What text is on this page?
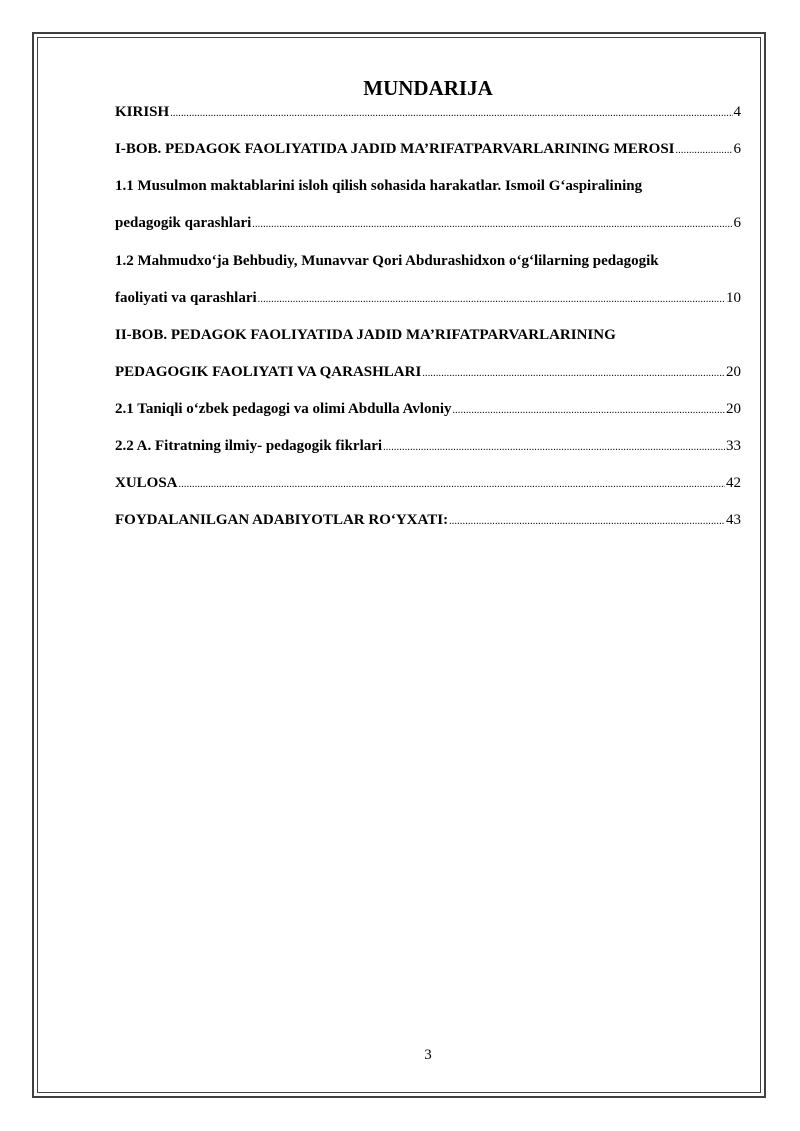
MUNDARIJA
KIRISH .....	4
I-BOB. PEDAGOK FAOLIYATIDA JADID MA’RIFATPARVARLARINING MEROSI .....	6
1.1 Musulmon maktablarini isloh qilish sohasida harakatlar. Ismoil G‘aspiralining
pedagogik qarashlari .....	6
1.2 Mahmudxo‘ja Behbudiy, Munavvar Qori Abdurashidxon o‘g‘lilarning pedagogik
faoliyati va qarashlari .....	10
II-BOB. PEDAGOK FAOLIYATIDA JADID MA’RIFATPARVARLARINING
PEDAGOGIK FAOLIYATI VA QARASHLARI .....	20
2.1 Taniqli o‘zbek pedagogi va olimi Abdulla Avloniy .....	20
2.2 A. Fitratning ilmiy- pedagogik fikrlari .....	33
XULOSA .....	42
FOYDALANILGAN ADABIYOTLAR RO‘YXATI: .....	43
3
